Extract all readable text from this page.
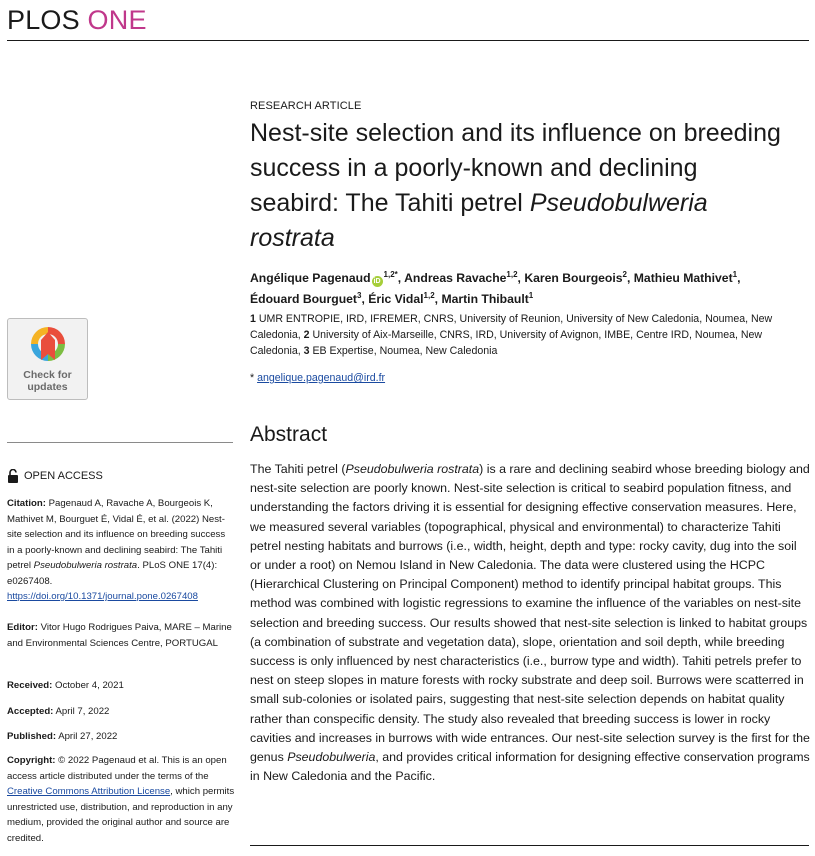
PLOS ONE
RESEARCH ARTICLE
Nest-site selection and its influence on breeding success in a poorly-known and declining seabird: The Tahiti petrel Pseudobulweria rostrata
Angélique Pagenaud $iD^{1,2*}$, Andreas Ravache$^{1,2}$, Karen Bourgeois$^2$, Mathieu Mathivet$^1$,
Édouard Bourguet$^3$, Éric Vidal$^{1,2}$, Martin Thibault$^1$
1 UMR ENTROPIE, IRD, IFREMER, CNRS, University of Reunion, University of New Caledonia, Noumea, New Caledonia, 2 University of Aix-Marseille, CNRS, IRD, University of Avignon, IMBE, Centre IRD, Noumea, New Caledonia, 3 EB Expertise, Noumea, New Caledonia
* angelique.pagenaud@ird.fr
Check for
updates
OPEN ACCESS
Citation: Pagenaud A, Ravache A, Bourgeois K, Mathivet M, Bourguet É, Vidal É, et al. (2022) Nest-site selection and its influence on breeding success in a poorly-known and declining seabird: The Tahiti petrel Pseudobulweria rostrata. PLoS ONE 17(4): e0267408. https://doi.org/10.1371/journal.pone.0267408
Editor: Vitor Hugo Rodrigues Paiva, MARE – Marine and Environmental Sciences Centre, PORTUGAL
Received: October 4, 2021
Accepted: April 7, 2022
Published: April 27, 2022
Copyright: © 2022 Pagenaud et al. This is an open access article distributed under the terms of the Creative Commons Attribution License, which permits unrestricted use, distribution, and reproduction in any medium, provided the original author and source are credited.
Abstract

The Tahiti petrel (Pseudobulweria rostrata) is a rare and declining seabird whose breeding biology and nest-site selection are poorly known. Nest-site selection is critical to seabird population fitness, and understanding the factors driving it is essential for designing effective conservation measures. Here, we measured several variables (topographical, physical and environmental) to characterize Tahiti petrel nesting habitats and burrows (i.e., width, height, depth and type: rocky cavity, dug into the soil or under a root) on Nemou Island in New Caledonia. The data were clustered using the HCPC (Hierarchical Clustering on Principal Component) method to identify principal habitat groups. This method was combined with logistic regressions to examine the influence of the variables on nest-site selection and breeding success. Our results showed that nest-site selection is linked to habitat groups (a combination of substrate and vegetation data), slope, orientation and soil depth, while breeding success is only influenced by nest characteristics (i.e., burrow type and width). Tahiti petrels prefer to nest on steep slopes in mature forests with rocky substrate and deep soil. Burrows were scatterred in small sub-colonies or isolated pairs, suggesting that nest-site selection depends on habitat quality rather than conspecific density. The study also revealed that breeding success is lower in rocky cavities and increases in burrows with wide entrances. Our nest-site selection survey is the first for the genus Pseudobulweria, and provides critical information for designing effective conservation programs in New Caledonia and the Pacific.
